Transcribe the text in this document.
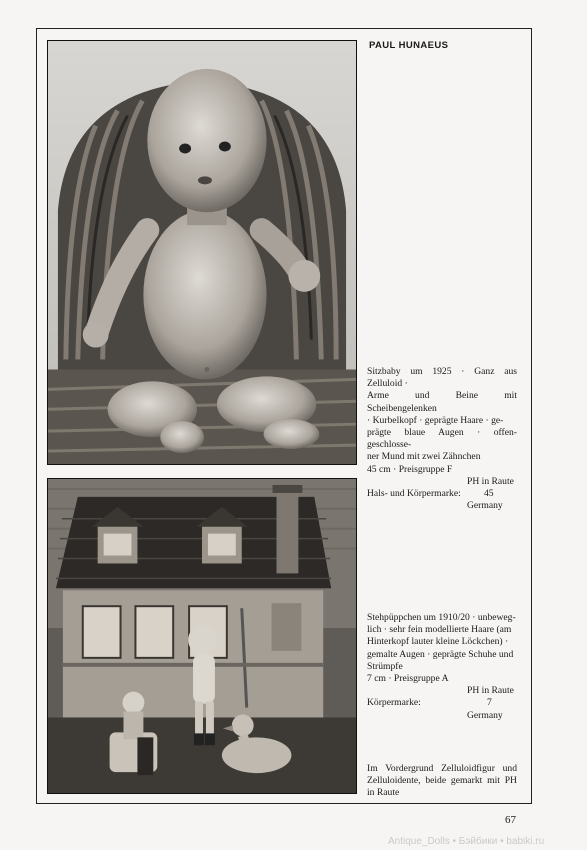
PAUL HUNAEUS

Sitzbaby um 1925 · Ganz aus Zelluloid ·

Arme und Beine mit Scheibengelenken

· Kurbelkopf · geprägte Haare · ge-

prägte blaue Augen · offen-geschlosse-

ner Mund mit zwei Zähnchen

45 cm · Preisgruppe F

PH in Raute
Hals- und Körpermarke: 45
Germany

Stehpüppchen um 1910/20 · unbeweg-

lich · sehr fein modellierte Haare (am

Hinterkopf lauter kleine Löckchen) ·

gemalte Augen · geprägte Schuhe und

Strümpfe

7 cm · Preisgruppe A

PH in Raute
Körpermarke:	7
Germany
Im Vordergrund Zelluloidfigur und Zelluloidente, beide gemarkt mit PH in Raute
67
Antique_Dolls • Бэйбики • babiki.ru
